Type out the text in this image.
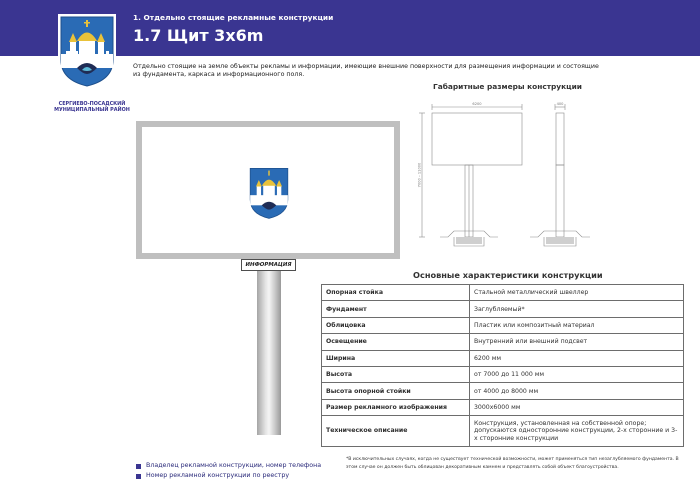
1. Отдельно стоящие рекламные конструкции
1.7 Щит 3х6m
СЕРГИЕВО-ПОСАДСКИЙ МУНИЦИПАЛЬНЫЙ РАЙОН
Отдельно стоящие на земле объекты рекламы и информации, имеющие внешние поверхности для размещения информации и состоящие из фундамента, каркаса и информационного поля.
Габаритные размеры конструкции
6200	400
7000 – 11000
ИНФОРМАЦИЯ
Основные характеристики конструкции
Опорная стойка	Стальной металлический швеллер
Фундамент	Заглубляемый*
Облицовка	Пластик или композитный материал
Освещение	Внутренний или внешний подсвет
Ширина	6200 мм
Высота	от 7000 до 11 000 мм
Высота опорной стойки	от 4000 до 8000 мм
Размер рекламного изображения	3000х6000 мм
Техническое описание	Конструкция, установленная на собственной опоре; допускаются односторонние конструкции, 2-х сторонние и 3-х сторонние конструкции
Владелец рекламной конструкции, номер телефона
Номер рекламной конструкции по реестру
*В исключительных случаях, когда не существует технической возможности, может применяться тип незаглубляемого фундамента. В этом случае он должен быть облицован декоративным камнем и представлять собой объект благоустройства.
